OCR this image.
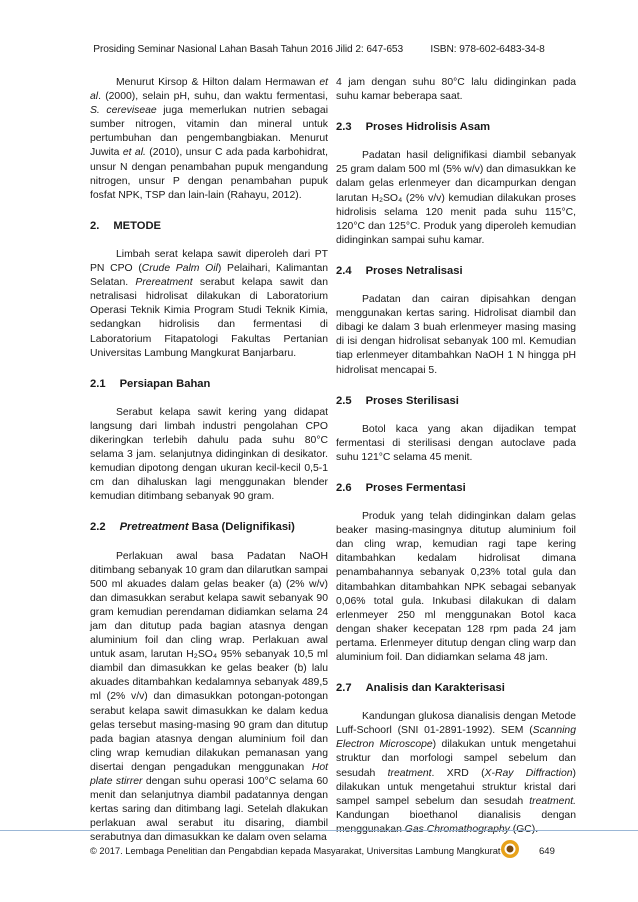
Prosiding Seminar Nasional Lahan Basah Tahun 2016 Jilid 2: 647-653          ISBN: 978-602-6483-34-8

Menurut Kirsop & Hilton dalam Hermawan et al. (2000), selain pH, suhu, dan waktu fermentasi, S. cereviseae juga memerlukan nutrien sebagai sumber nitrogen, vitamin dan mineral untuk pertumbuhan dan pengembangbiakan. Menurut Juwita et al. (2010), unsur C ada pada karbohidrat, unsur N dengan penambahan pupuk mengandung nitrogen, unsur P dengan penambahan pupuk fosfat NPK, TSP dan lain-lain (Rahayu, 2012).

2. METODE

Limbah serat kelapa sawit diperoleh dari PT PN CPO (Crude Palm Oil) Pelaihari, Kalimantan Selatan. Prereatment serabut kelapa sawit dan netralisasi hidrolisat dilakukan di Laboratorium Operasi Teknik Kimia Program Studi Teknik Kimia, sedangkan hidrolisis dan fermentasi di Laboratorium Fitapatologi Fakultas Pertanian Universitas Lambung Mangkurat Banjarbaru.

2.1 Persiapan Bahan

Serabut kelapa sawit kering yang didapat langsung dari limbah industri pengolahan CPO dikeringkan terlebih dahulu pada suhu 80°C selama 3 jam. selanjutnya didinginkan di desikator. kemudian dipotong dengan ukuran kecil-kecil 0,5-1 cm dan dihaluskan lagi menggunakan blender kemudian ditimbang sebanyak 90 gram.

2.2 Pretreatment Basa (Delignifikasi)

Perlakuan awal basa Padatan NaOH ditimbang sebanyak 10 gram dan dilarutkan sampai 500 ml akuades dalam gelas beaker (a) (2% w/v) dan dimasukkan serabut kelapa sawit sebanyak 90 gram kemudian perendaman didiamkan selama 24 jam dan ditutup pada bagian atasnya dengan aluminium foil dan cling wrap. Perlakuan awal untuk asam, larutan H₂SO₄ 95% sebanyak 10,5 ml diambil dan dimasukkan ke gelas beaker (b) lalu akuades ditambahkan kedalamnya sebanyak 489,5 ml (2% v/v) dan dimasukkan potongan-potongan serabut kelapa sawit dimasukkan ke dalam kedua gelas tersebut masing-masing 90 gram dan ditutup pada bagian atasnya dengan aluminium foil dan cling wrap kemudian dilakukan pemanasan yang disertai dengan pengadukan menggunakan Hot plate stirrer dengan suhu operasi 100°C selama 60 menit dan selanjutnya diambil padatannya dengan kertas saring dan ditimbang lagi. Setelah dlakukan perlakuan awal serabut itu disaring, diambil serabutnya dan dimasukkan ke dalam oven selama

4 jam dengan suhu 80°C lalu didinginkan pada suhu kamar beberapa saat.

2.3 Proses Hidrolisis Asam

Padatan hasil delignifikasi diambil sebanyak 25 gram dalam 500 ml (5% w/v) dan dimasukkan ke dalam gelas erlenmeyer dan dicampurkan dengan larutan H₂SO₄ (2% v/v) kemudian dilakukan proses hidrolisis selama 120 menit pada suhu 115°C, 120°C dan 125°C. Produk yang diperoleh kemudian didinginkan sampai suhu kamar.

2.4 Proses Netralisasi

Padatan dan cairan dipisahkan dengan menggunakan kertas saring. Hidrolisat diambil dan dibagi ke dalam 3 buah erlenmeyer masing masing di isi dengan hidrolisat sebanyak 100 ml. Kemudian tiap erlenmeyer ditambahkan NaOH 1 N hingga pH hidrolisat mencapai 5.

2.5 Proses Sterilisasi

Botol kaca yang akan dijadikan tempat fermentasi di sterilisasi dengan autoclave pada suhu 121°C selama 45 menit.

2.6 Proses Fermentasi

Produk yang telah didinginkan dalam gelas beaker masing-masingnya ditutup aluminium foil dan cling wrap, kemudian ragi tape kering ditambahkan kedalam hidrolisat dimana penambahannya sebanyak 0,23% total gula dan ditambahkan ditambahkan NPK sebagai sebanyak 0,06% total gula. Inkubasi dilakukan di dalam erlenmeyer 250 ml menggunakan Botol kaca dengan shaker kecepatan 128 rpm pada 24 jam pertama. Erlenmeyer ditutup dengan cling warp dan aluminium foil. Dan didiamkan selama 48 jam.

2.7 Analisis dan Karakterisasi

Kandungan glukosa dianalisis dengan Metode Luff-Schoorl (SNI 01-2891-1992). SEM (Scanning Electron Microscope) dilakukan untuk mengetahui struktur dan morfologi sampel sebelum dan sesudah treatment. XRD (X-Ray Diffraction) dilakukan untuk mengetahui struktur kristal dari sampel sampel sebelum dan sesudah treatment. Kandungan bioethanol dianalisis dengan

© 2017. Lembaga Penelitian dan Pengabdian kepada Masyarakat, Universitas Lambung Mangkurat	649
